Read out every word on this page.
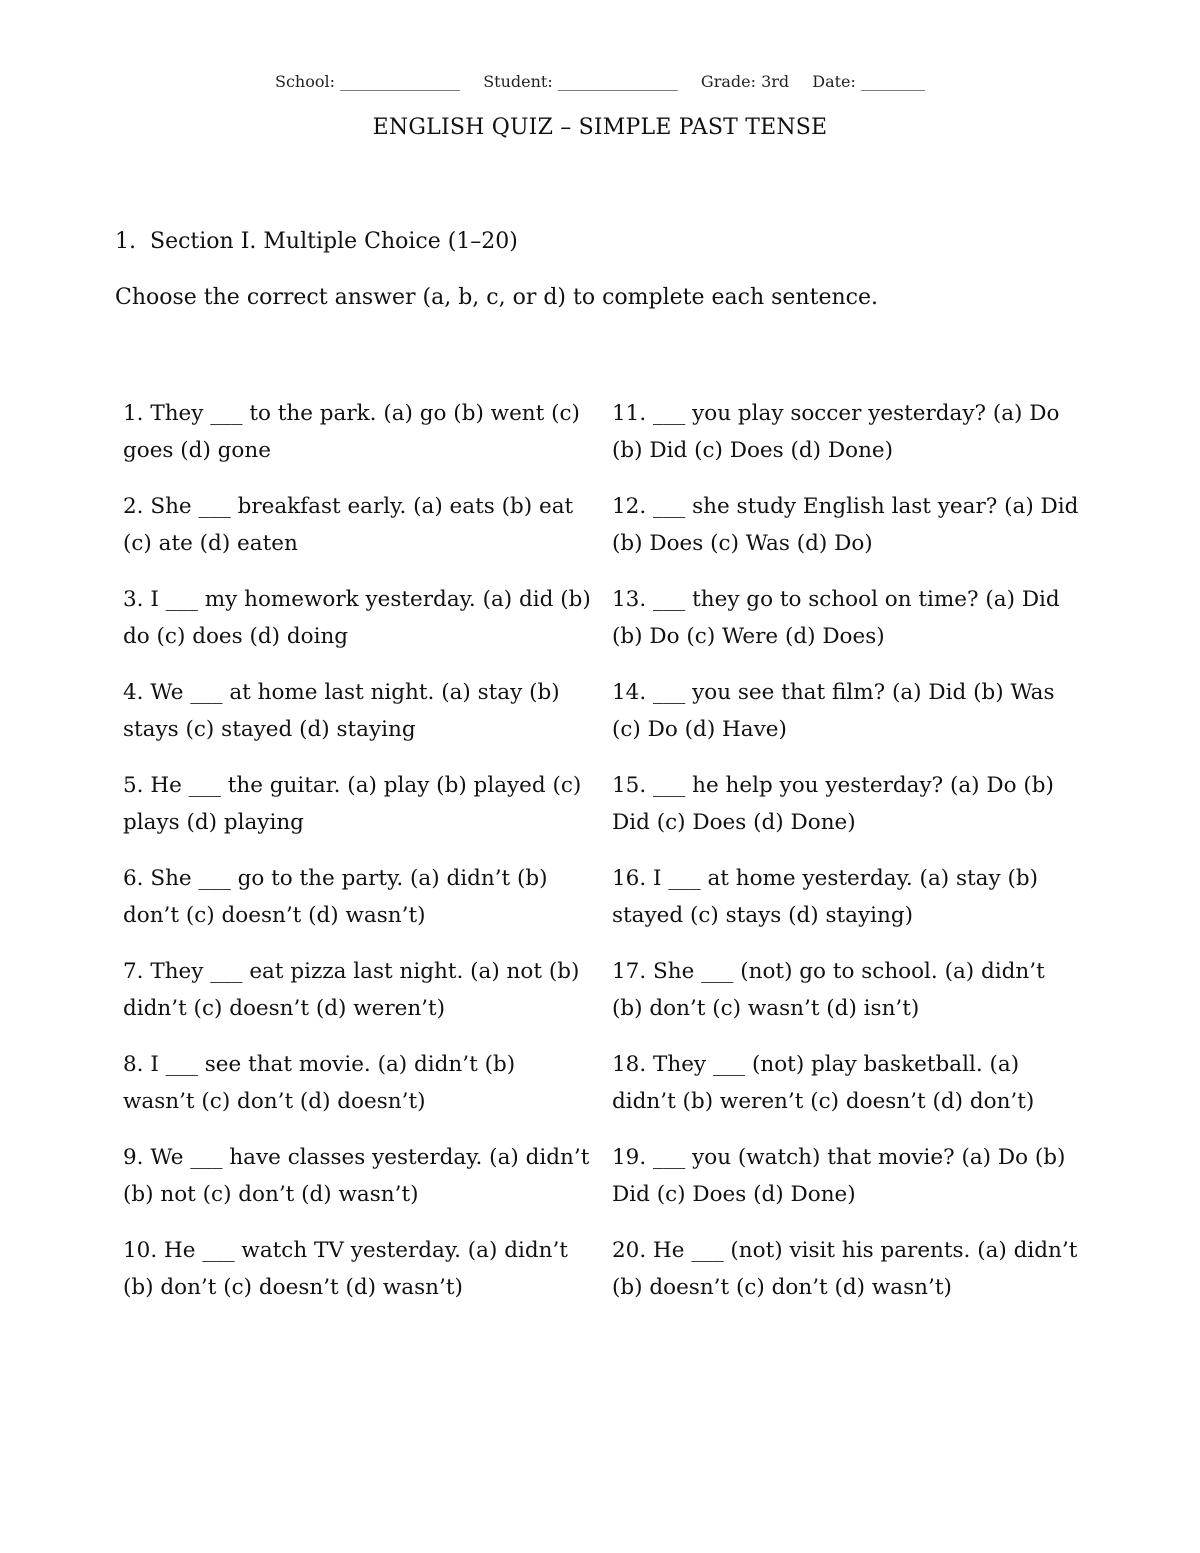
School: _______________ Student: _______________ Grade: 3rd Date: ________
ENGLISH QUIZ – SIMPLE PAST TENSE
1. Section I. Multiple Choice (1–20)
Choose the correct answer (a, b, c, or d) to complete each sentence.
1. They ___ to the park. (a) go (b) went (c) goes (d) gone
2. She ___ breakfast early. (a) eats (b) eat (c) ate (d) eaten
3. I ___ my homework yesterday. (a) did (b) do (c) does (d) doing
4. We ___ at home last night. (a) stay (b) stays (c) stayed (d) staying
5. He ___ the guitar. (a) play (b) played (c) plays (d) playing
6. She ___ go to the party. (a) didn’t (b) don’t (c) doesn’t (d) wasn’t)
7. They ___ eat pizza last night. (a) not (b) didn’t (c) doesn’t (d) weren’t)
8. I ___ see that movie. (a) didn’t (b) wasn’t (c) don’t (d) doesn’t)
9. We ___ have classes yesterday. (a) didn’t (b) not (c) don’t (d) wasn’t)
10. He ___ watch TV yesterday. (a) didn’t (b) don’t (c) doesn’t (d) wasn’t)
11. ___ you play soccer yesterday? (a) Do (b) Did (c) Does (d) Done)
12. ___ she study English last year? (a) Did (b) Does (c) Was (d) Do)
13. ___ they go to school on time? (a) Did (b) Do (c) Were (d) Does)
14. ___ you see that film? (a) Did (b) Was (c) Do (d) Have)
15. ___ he help you yesterday? (a) Do (b) Did (c) Does (d) Done)
16. I ___ at home yesterday. (a) stay (b) stayed (c) stays (d) staying)
17. She ___ (not) go to school. (a) didn’t (b) don’t (c) wasn’t (d) isn’t)
18. They ___ (not) play basketball. (a) didn’t (b) weren’t (c) doesn’t (d) don’t)
19. ___ you (watch) that movie? (a) Do (b) Did (c) Does (d) Done)
20. He ___ (not) visit his parents. (a) didn’t (b) doesn’t (c) don’t (d) wasn’t)
